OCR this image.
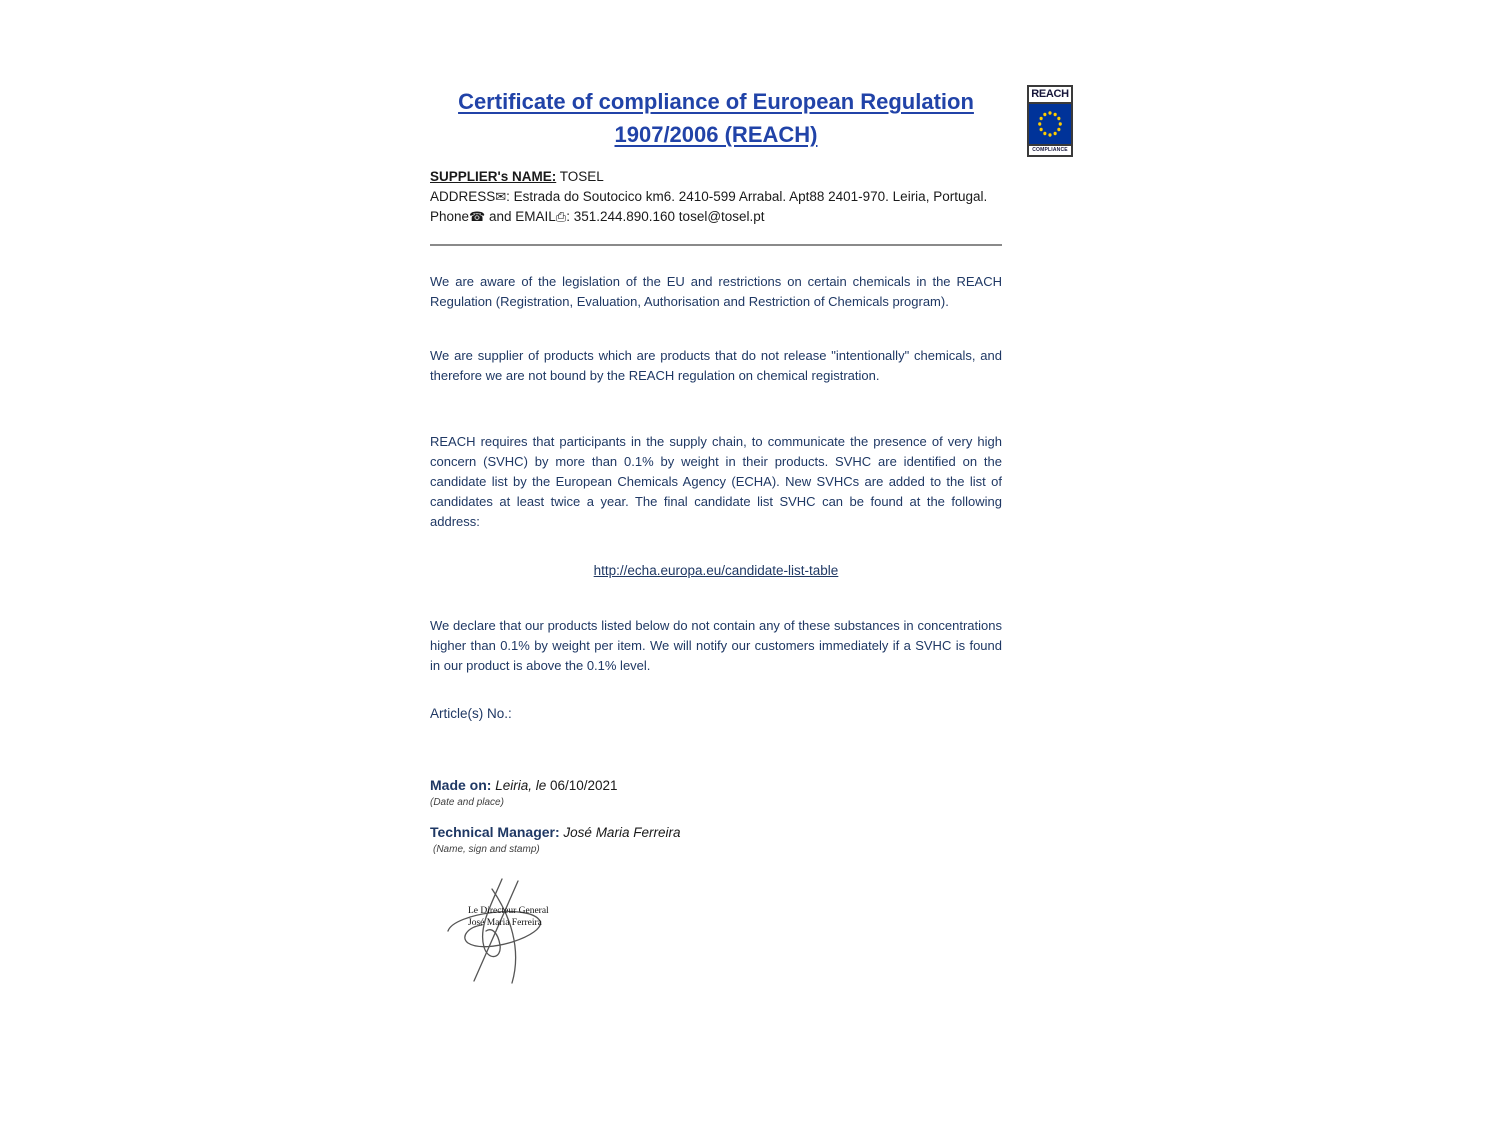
REACH
COMPLIANCE
Certificate of compliance of European Regulation
1907/2006 (REACH)
SUPPLIER's NAME: TOSEL
ADDRESS✉: Estrada do Soutocico km6. 2410-599 Arrabal. Apt88 2401-970. Leiria, Portugal.
Phone☎ and EMAIL⎙: 351.244.890.160 tosel@tosel.pt

We are aware of the legislation of the EU and restrictions on certain chemicals in the REACH Regulation (Registration, Evaluation, Authorisation and Restriction of Chemicals program).

We are supplier of products which are products that do not release "intentionally" chemicals, and therefore we are not bound by the REACH regulation on chemical registration.

REACH requires that participants in the supply chain, to communicate the presence of very high concern (SVHC) by more than 0.1% by weight in their products. SVHC are identified on the candidate list by the European Chemicals Agency (ECHA). New SVHCs are added to the list of candidates at least twice a year. The final candidate list SVHC can be found at the following address:

http://echa.europa.eu/candidate-list-table

We declare that our products listed below do not contain any of these substances in concentrations higher than 0.1% by weight per item. We will notify our customers immediately if a SVHC is found in our product is above the 0.1% level.

Article(s) No.:

Made on: Leiria, le 06/10/2021
(Date and place)
Technical Manager: José Maria Ferreira
(Name, sign and stamp)
Le Directeur General
José Maria Ferreira
